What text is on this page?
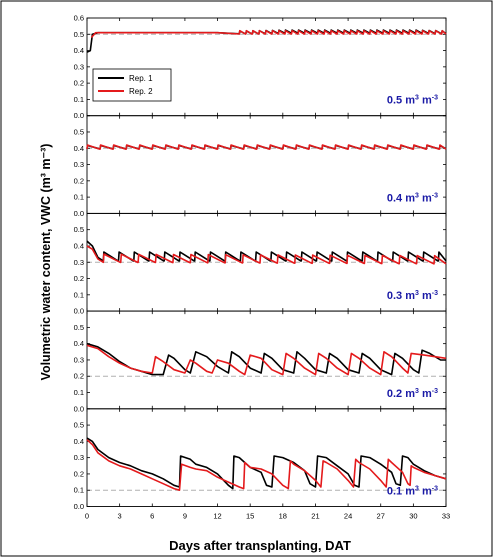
0.0
0.1
0.2
0.3
0.4
0.5
0.6
0.5 $m^3$ $m^{-3}$
0.0
0.1
0.2
0.3
0.4
0.5
0.4 $m^3$ $m^{-3}$
0.0
0.1
0.2
0.3
0.4
0.5
0.3 $m^3$ $m^{-3}$
0.0
0.1
0.2
0.3
0.4
0.5
0.2 $m^3$ $m^{-3}$
0.0
0.1
0.2
0.3
0.4
0.5
0.1 $m^3$ $m^{-3}$
0	3	6	9	12	15	18	21	24	27	30	33
Rep. 1
Rep. 2
Days after transplanting, DAT
Volumetric water content, VWC (m³ m⁻³)
